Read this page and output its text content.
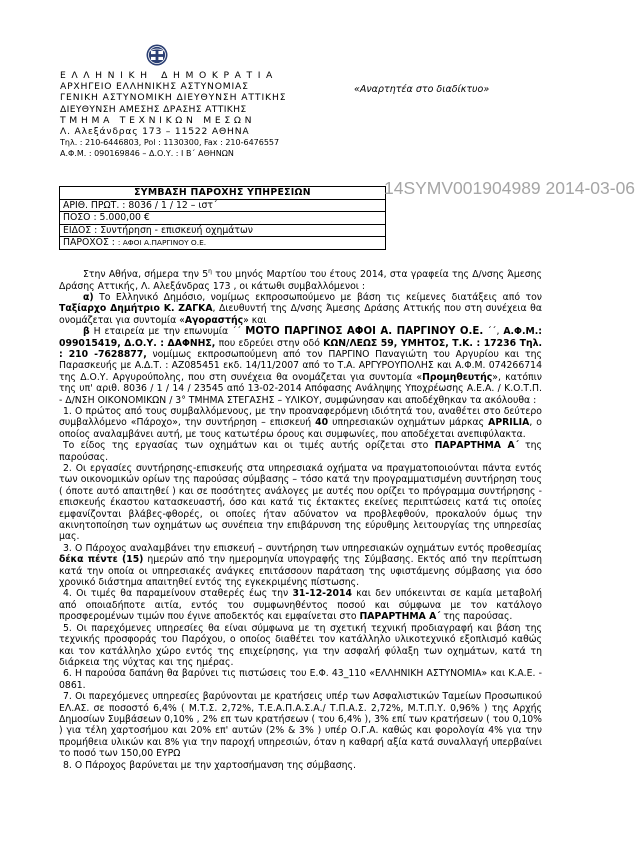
ΕΛΛΗΝΙΚΗ ΔΗΜΟΚΡΑΤΙΑ
ΑΡΧΗΓΕΙΟ ΕΛΛΗΝΙΚΗΣ ΑΣΤΥΝΟΜΙΑΣ
ΓΕΝΙΚΗ ΑΣΤΥΝΟΜΙΚΗ ΔΙΕΥΘΥΝΣΗ ΑΤΤΙΚΗΣ
ΔΙΕΥΘΥΝΣΗ ΑΜΕΣΗΣ ΔΡΑΣΗΣ ΑΤΤΙΚΗΣ
ΤΜΗΜΑ ΤΕΧΝΙΚΩΝ ΜΕΣΩΝ
Λ. Αλεξάνδρας 173 – 11522 ΑΘΗΝΑ
Τηλ. : 210-6446803, Pol : 1130300, Fax : 210-6476557
Α.Φ.Μ. : 090169846 – Δ.Ο.Υ. : Ι Β΄ ΑΘΗΝΩΝ
«Αναρτητέα στο διαδίκτυο»
ΣΥΜΒΑΣΗ ΠΑΡΟΧΗΣ ΥΠΗΡΕΣΙΩΝ
ΑΡΙΘ. ΠΡΩΤ. : 8036 / 1 / 12 – ιστ΄
ΠΟΣΟ : 5.000,00 €
ΕΙΔΟΣ : Συντήρηση - επισκευή οχημάτων
ΠΑΡΟΧΟΣ : : ΑΦΟΙ Α.ΠΑΡΓΙΝΟΥ Ο.Ε.
14SYMV001904989 2014-03-06

Στην Αθήνα, σήμερα την $5^\eta$ του μηνός Μαρτίου του έτους 2014, στα γραφεία της Δ/νσης Άμεσης Δράσης Αττικής, Λ. Αλεξάνδρας 173 , οι κάτωθι συμβαλλόμενοι :

α) Το Ελληνικό Δημόσιο, νομίμως εκπροσωπούμενο με βάση τις κείμενες διατάξεις από τον Ταξίαρχο Δημήτριο Κ. ΖΑΓΚΑ, Διευθυντή της Δ/νσης Άμεσης Δράσης Αττικής που στη συνέχεια θα ονομάζεται για συντομία «Αγοραστής» και

β Η εταιρεία με την επωνυμία ΄΄ ΜΟΤΟ ΠΑΡΓΙΝΟΣ ΑΦΟΙ Α. ΠΑΡΓΙΝΟΥ Ο.Ε. ΄΄, Α.Φ.Μ.: 099015419, Δ.Ο.Υ. : ΔΑΦΝΗΣ, που εδρεύει στην οδό ΚΩΝ/ΛΕΩΣ 59, ΥΜΗΤΟΣ, Τ.Κ. : 17236 Τηλ. : 210 -7628877, νομίμως εκπροσωπούμενη από τον ΠΑΡΓΙΝΟ Παναγιώτη του Αργυρίου και της Παρασκευής με Α.Δ.Τ. : ΑΖ085451 εκδ. 14/11/2007 από το Τ.Α. ΑΡΓΥΡΟΥΠΟΛΗΣ και Α.Φ.Μ. 074266714 της Δ.Ο.Υ. Αργυρούπολης, που στη συνέχεια θα ονομάζεται για συντομία «Προμηθευτής», κατόπιν της υπ' αριθ. 8036 / 1 / 14 / 23545 από 13-02-2014 Απόφασης Ανάληψης Υποχρέωσης Α.Ε.Α. / Κ.Ο.Τ.Π. - Δ/ΝΣΗ ΟΙΚΟΝΟΜΙΚΩΝ / 3° ΤΜΗΜΑ ΣΤΕΓΑΣΗΣ – ΥΛΙΚΟΥ, συμφώνησαν και αποδέχθηκαν τα ακόλουθα :

1. Ο πρώτος από τους συμβαλλόμενους, με την προαναφερόμενη ιδιότητά του, αναθέτει στο δεύτερο συμβαλλόμενο «Πάροχο», την συντήρηση – επισκευή 40 υπηρεσιακών οχημάτων μάρκας APRILIA, ο οποίος αναλαμβάνει αυτή, με τους κατωτέρω όρους και συμφωνίες, που αποδέχεται ανεπιφύλακτα.

Το είδος της εργασίας των οχημάτων και οι τιμές αυτής ορίζεται στο ΠΑΡΑΡΤΗΜΑ Α΄ της παρούσας.

2. Οι εργασίες συντήρησης-επισκευής στα υπηρεσιακά οχήματα να πραγματοποιούνται πάντα εντός των οικονομικών ορίων της παρούσας σύμβασης – τόσο κατά την προγραμματισμένη συντήρηση τους ( όποτε αυτό απαιτηθεί ) και σε ποσότητες ανάλογες με αυτές που ορίζει το πρόγραμμα συντήρησης - επισκευής έκαστου κατασκευαστή, όσο και κατά τις έκτακτες εκείνες περιπτώσεις κατά τις οποίες εμφανίζονται βλάβες-φθορές, οι οποίες ήταν αδύνατον να προβλεφθούν, προκαλούν όμως την ακινητοποίηση των οχημάτων ως συνέπεια την επιβάρυνση της εύρυθμης λειτουργίας της υπηρεσίας μας.

3. Ο Πάροχος αναλαμβάνει την επισκευή – συντήρηση των υπηρεσιακών οχημάτων εντός προθεσμίας δέκα πέντε (15) ημερών από την ημερομηνία υπογραφής της Σύμβασης. Εκτός από την περίπτωση κατά την οποία οι υπηρεσιακές ανάγκες επιτάσσουν παράταση της υφιστάμενης σύμβασης για όσο χρονικό διάστημα απαιτηθεί εντός της εγκεκριμένης πίστωσης.

4. Οι τιμές θα παραμείνουν σταθερές έως την 31-12-2014 και δεν υπόκεινται σε καμία μεταβολή από οποιαδήποτε αιτία, εντός του συμφωνηθέντος ποσού και σύμφωνα με τον κατάλογο προσφερομένων τιμών που έγινε αποδεκτός και εμφαίνεται στο ΠΑΡΑΡΤΗΜΑ Α΄ της παρούσας.

5. Οι παρεχόμενες υπηρεσίες θα είναι σύμφωνα με τη σχετική τεχνική προδιαγραφή και βάση της τεχνικής προσφοράς του Παρόχου, ο οποίος διαθέτει τον κατάλληλο υλικοτεχνικό εξοπλισμό καθώς και τον κατάλληλο χώρο εντός της επιχείρησης, για την ασφαλή φύλαξη των οχημάτων, κατά τη διάρκεια της νύχτας και της ημέρας.

6. Η παρούσα δαπάνη θα βαρύνει τις πιστώσεις του Ε.Φ. 43_110 «ΕΛΛΗΝΙΚΗ ΑΣΤΥΝΟΜΙΑ» και Κ.Α.Ε. - 0861.

7. Οι παρεχόμενες υπηρεσίες βαρύνονται με κρατήσεις υπέρ των Ασφαλιστικών Ταμείων Προσωπικού ΕΛ.ΑΣ. σε ποσοστό 6,4% ( Μ.Τ.Σ. 2,72%, Τ.Ε.Α.Π.Α.Σ.Α./ Τ.Π.Α.Σ. 2,72%, Μ.Τ.Π.Υ. 0,96% ) της Αρχής Δημοσίων Συμβάσεων 0,10% , 2% επ των κρατήσεων ( του 6,4% ), 3% επί των κρατήσεων ( του 0,10% ) για τέλη χαρτοσήμου και 20% επ' αυτών (2% & 3% ) υπέρ Ο.Γ.Α. καθώς και φορολογία 4% για την προμήθεια υλικών και 8% για την παροχή υπηρεσιών, όταν η καθαρή αξία κατά συναλλαγή υπερβαίνει το ποσό των 150,00 ΕΥΡΩ

8. Ο Πάροχος βαρύνεται με την χαρτοσήμανση της σύμβασης.
